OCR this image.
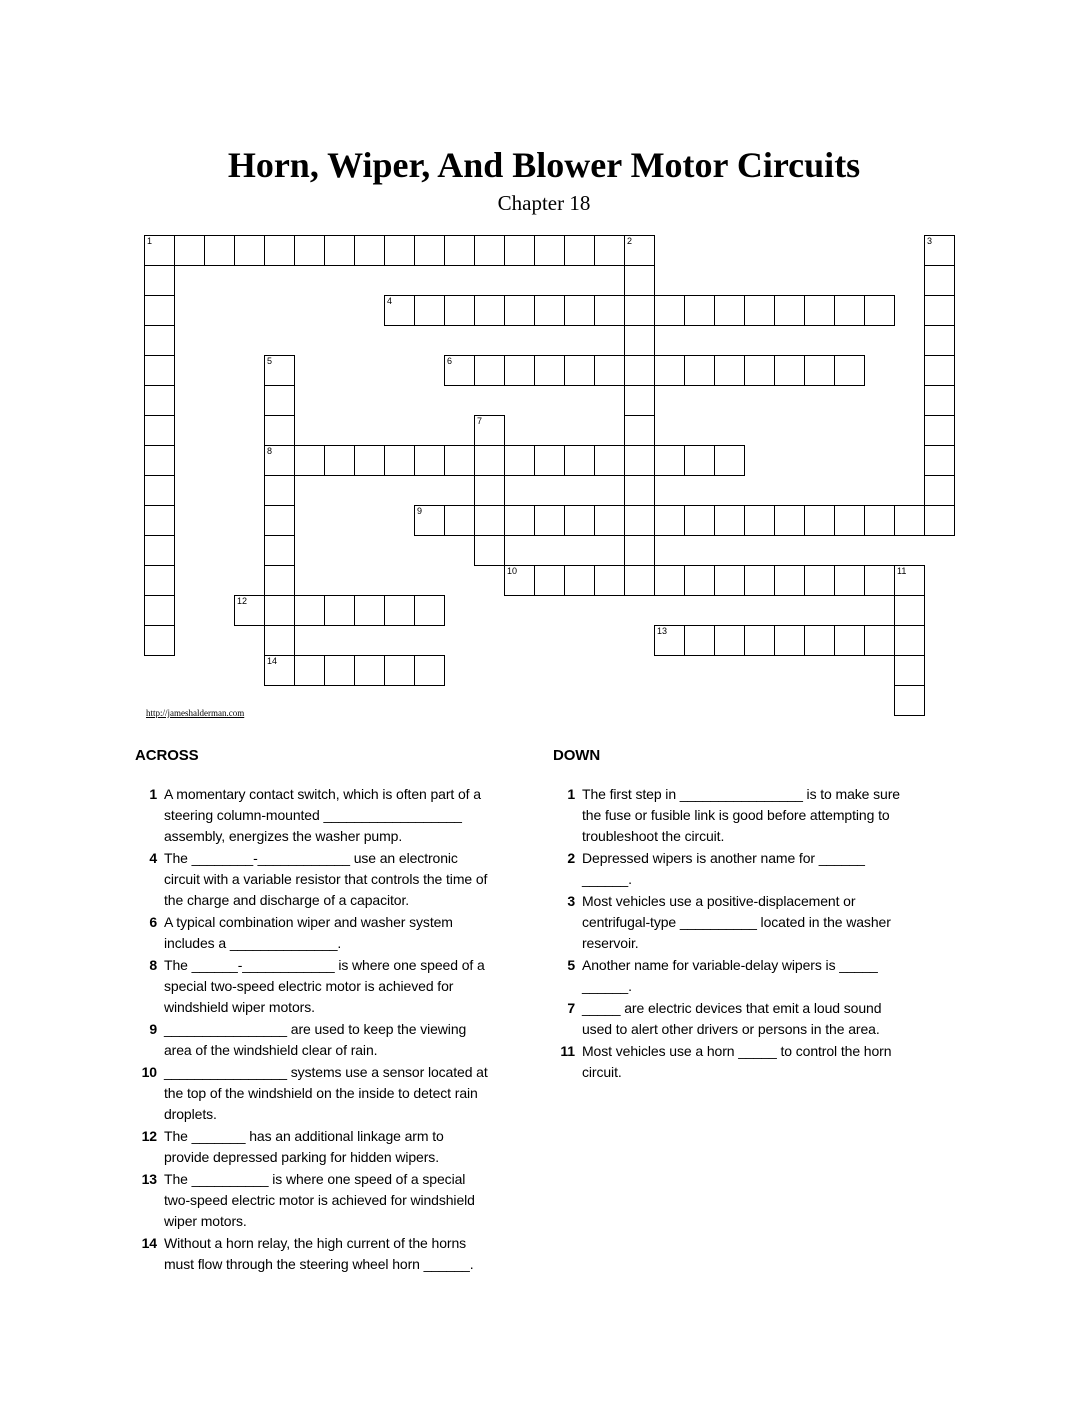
Horn, Wiper, And Blower Motor Circuits
Chapter 18
1	2	3
4
5
8
14
6
7
9
10	11
12
13
http://jameshalderman.com
ACROSS
1 A momentary contact switch, which is often part of a steering column-mounted __________________ assembly, energizes the washer pump.
4 The ________-____________ use an electronic circuit with a variable resistor that controls the time of the charge and discharge of a capacitor.
6 A typical combination wiper and washer system includes a ______________.
8 The ______-____________ is where one speed of a special two-speed electric motor is achieved for windshield wiper motors.
9 ________________ are used to keep the viewing area of the windshield clear of rain.
10 ________________ systems use a sensor located at the top of the windshield on the inside to detect rain droplets.
12 The _______ has an additional linkage arm to provide depressed parking for hidden wipers.
13 The __________ is where one speed of a special two-speed electric motor is achieved for windshield wiper motors.
14 Without a horn relay, the high current of the horns must flow through the steering wheel horn ______.
DOWN
1 The first step in ________________ is to make sure the fuse or fusible link is good before attempting to troubleshoot the circuit.
2 Depressed wipers is another name for ______ ______.
3 Most vehicles use a positive-displacement or centrifugal-type __________ located in the washer reservoir.
5 Another name for variable-delay wipers is _____ ______.
7 _____ are electric devices that emit a loud sound used to alert other drivers or persons in the area.
11 Most vehicles use a horn _____ to control the horn circuit.
